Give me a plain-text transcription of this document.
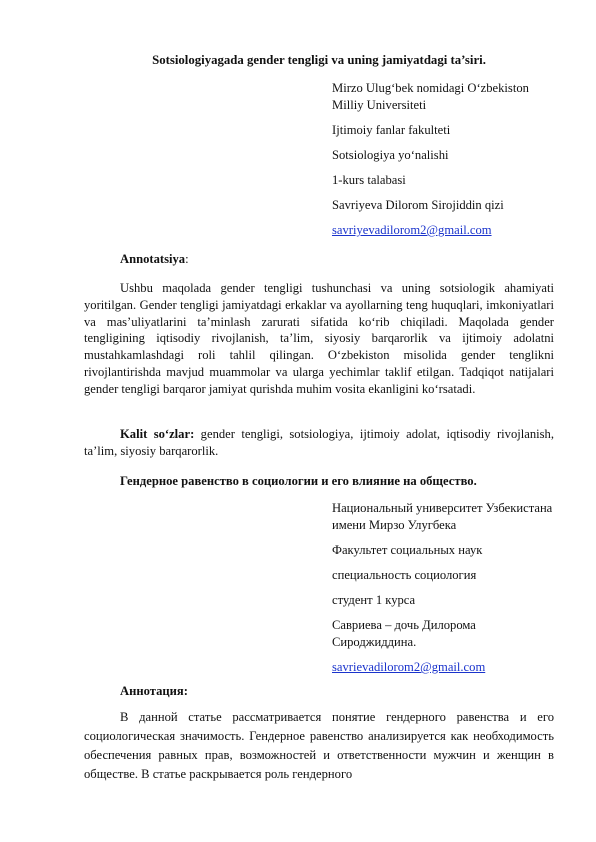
Sotsiologiyagada gender tengligi va uning jamiyatdagi ta’siri.
Mirzo Ulug‘bek nomidagi O‘zbekiston Milliy Universiteti
Ijtimoiy fanlar fakulteti
Sotsiologiya yo‘nalishi
1-kurs talabasi
Savriyeva Dilorom Sirojiddin qizi
savriyevadilorom2@gmail.com
Annotatsiya:
Ushbu maqolada gender tengligi tushunchasi va uning sotsiologik ahamiyati yoritilgan. Gender tengligi jamiyatdagi erkaklar va ayollarning teng huquqlari, imkoniyatlari va mas’uliyatlarini ta’minlash zarurati sifatida ko‘rib chiqiladi. Maqolada gender tengligining iqtisodiy rivojlanish, ta’lim, siyosiy barqarorlik va ijtimoiy adolatni mustahkamlashdagi roli tahlil qilingan. O‘zbekiston misolida gender tenglikni rivojlantirishda mavjud muammolar va ularga yechimlar taklif etilgan. Tadqiqot natijalari gender tengligi barqaror jamiyat qurishda muhim vosita ekanligini ko‘rsatadi.
Kalit so‘zlar: gender tengligi, sotsiologiya, ijtimoiy adolat, iqtisodiy rivojlanish, ta’lim, siyosiy barqarorlik.
Гендерное равенство в социологии и его влияние на общество.
Национальный университет Узбекистана имени Мирзо Улугбека
Факультет социальных наук
специальность социология
студент 1 курса
Савриева – дочь Дилорома Сироджиддина.
savrievadilorom2@gmail.com
Аннотация:
В данной статье рассматривается понятие гендерного равенства и его социологическая значимость. Гендерное равенство анализируется как необходимость обеспечения равных прав, возможностей и ответственности мужчин и женщин в обществе. В статье раскрывается роль гендерного
